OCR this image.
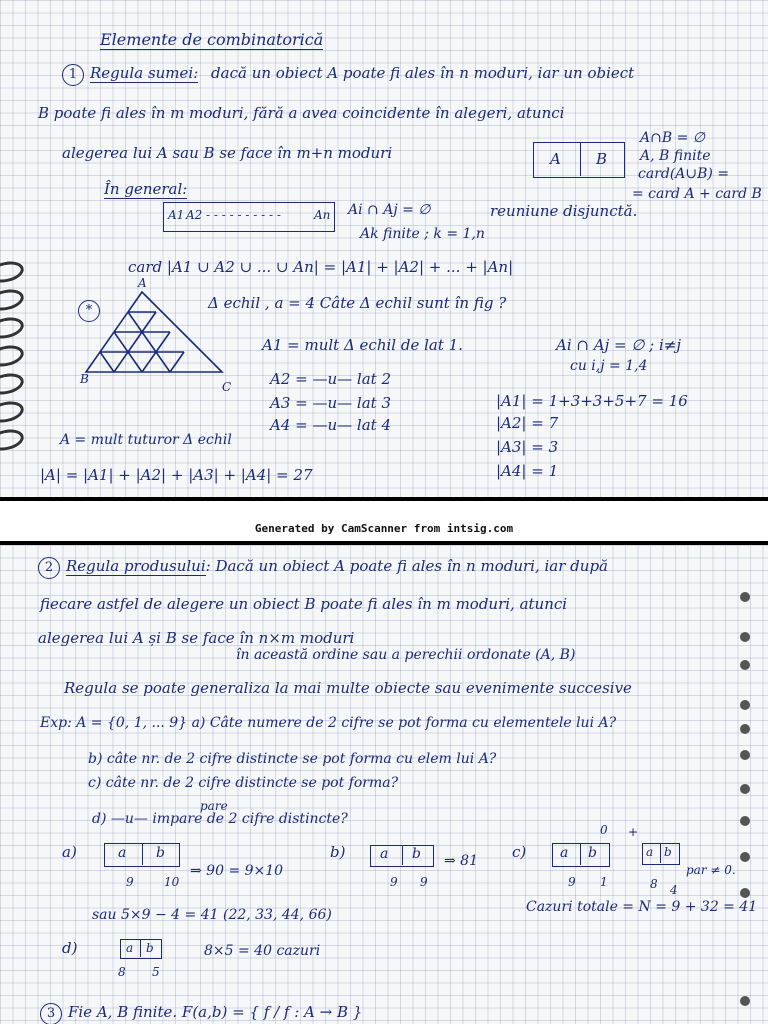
Elemente de combinatorică
1 Regula sumei: dacă un obiect A poate fi ales în n moduri, iar un obiect
B poate fi ales în m moduri, fără a avea coincidente în alegeri, atunci
alegerea lui A sau B se face în m+n moduri	A B
A∩B = ∅
A, B finite
card(A∪B) =
= card A + card B
În general:
A1 A2 - - - - - - - - - -	An Ai ∩ Aj = ∅
Ak finite ; k = 1,n
reuniune disjunctă.
card |A1 ∪ A2 ∪ ... ∪ An| = |A1| + |A2| + ... + |An|
*
A
B
C
Δ echil , a = 4 Câte Δ echil sunt în fig ?
A1 = mult Δ echil de lat 1.
A2 = —u— lat 2
A3 = —u— lat 3
A4 = —u— lat 4
Ai ∩ Aj = ∅ ; i≠j
cu i,j = 1,4
|A1| = 1+3+3+5+7 = 16
|A2| = 7
|A3| = 3
|A4| = 1
A = mult tuturor Δ echil
|A| = |A1| + |A2| + |A3| + |A4| = 27
Generated by CamScanner from intsig.com
2 Regula produsului: Dacă un obiect A poate fi ales în n moduri, iar după
fiecare astfel de alegere un obiect B poate fi ales în m moduri, atunci
alegerea lui A și B se face în n×m moduri
în această ordine sau a perechii ordonate (A, B)
Regula se poate generaliza la mai multe obiecte sau evenimente succesive
Exp: A = {0, 1, ... 9} a) Câte numere de 2 cifre se pot forma cu elementele lui A?
b) câte nr. de 2 cifre distincte se pot forma cu elem lui A?
c) câte nr. de 2 cifre distincte se pot forma?
pare
d) —u— impare de 2 cifre distincte?
a)	a b
9	10
⇒ 90 = 9×10
b) a b
9 9
⇒ 81 c)
0
a b
9 1
+
a b
8 4
par ≠ 0.
sau 5×9 − 4 = 41 (22, 33, 44, 66)	Cazuri totale = N = 9 + 32 = 41
d)	a b
8 5
8×5 = 40 cazuri
3 Fie A, B finite. F(a,b) = { f / f : A → B }
